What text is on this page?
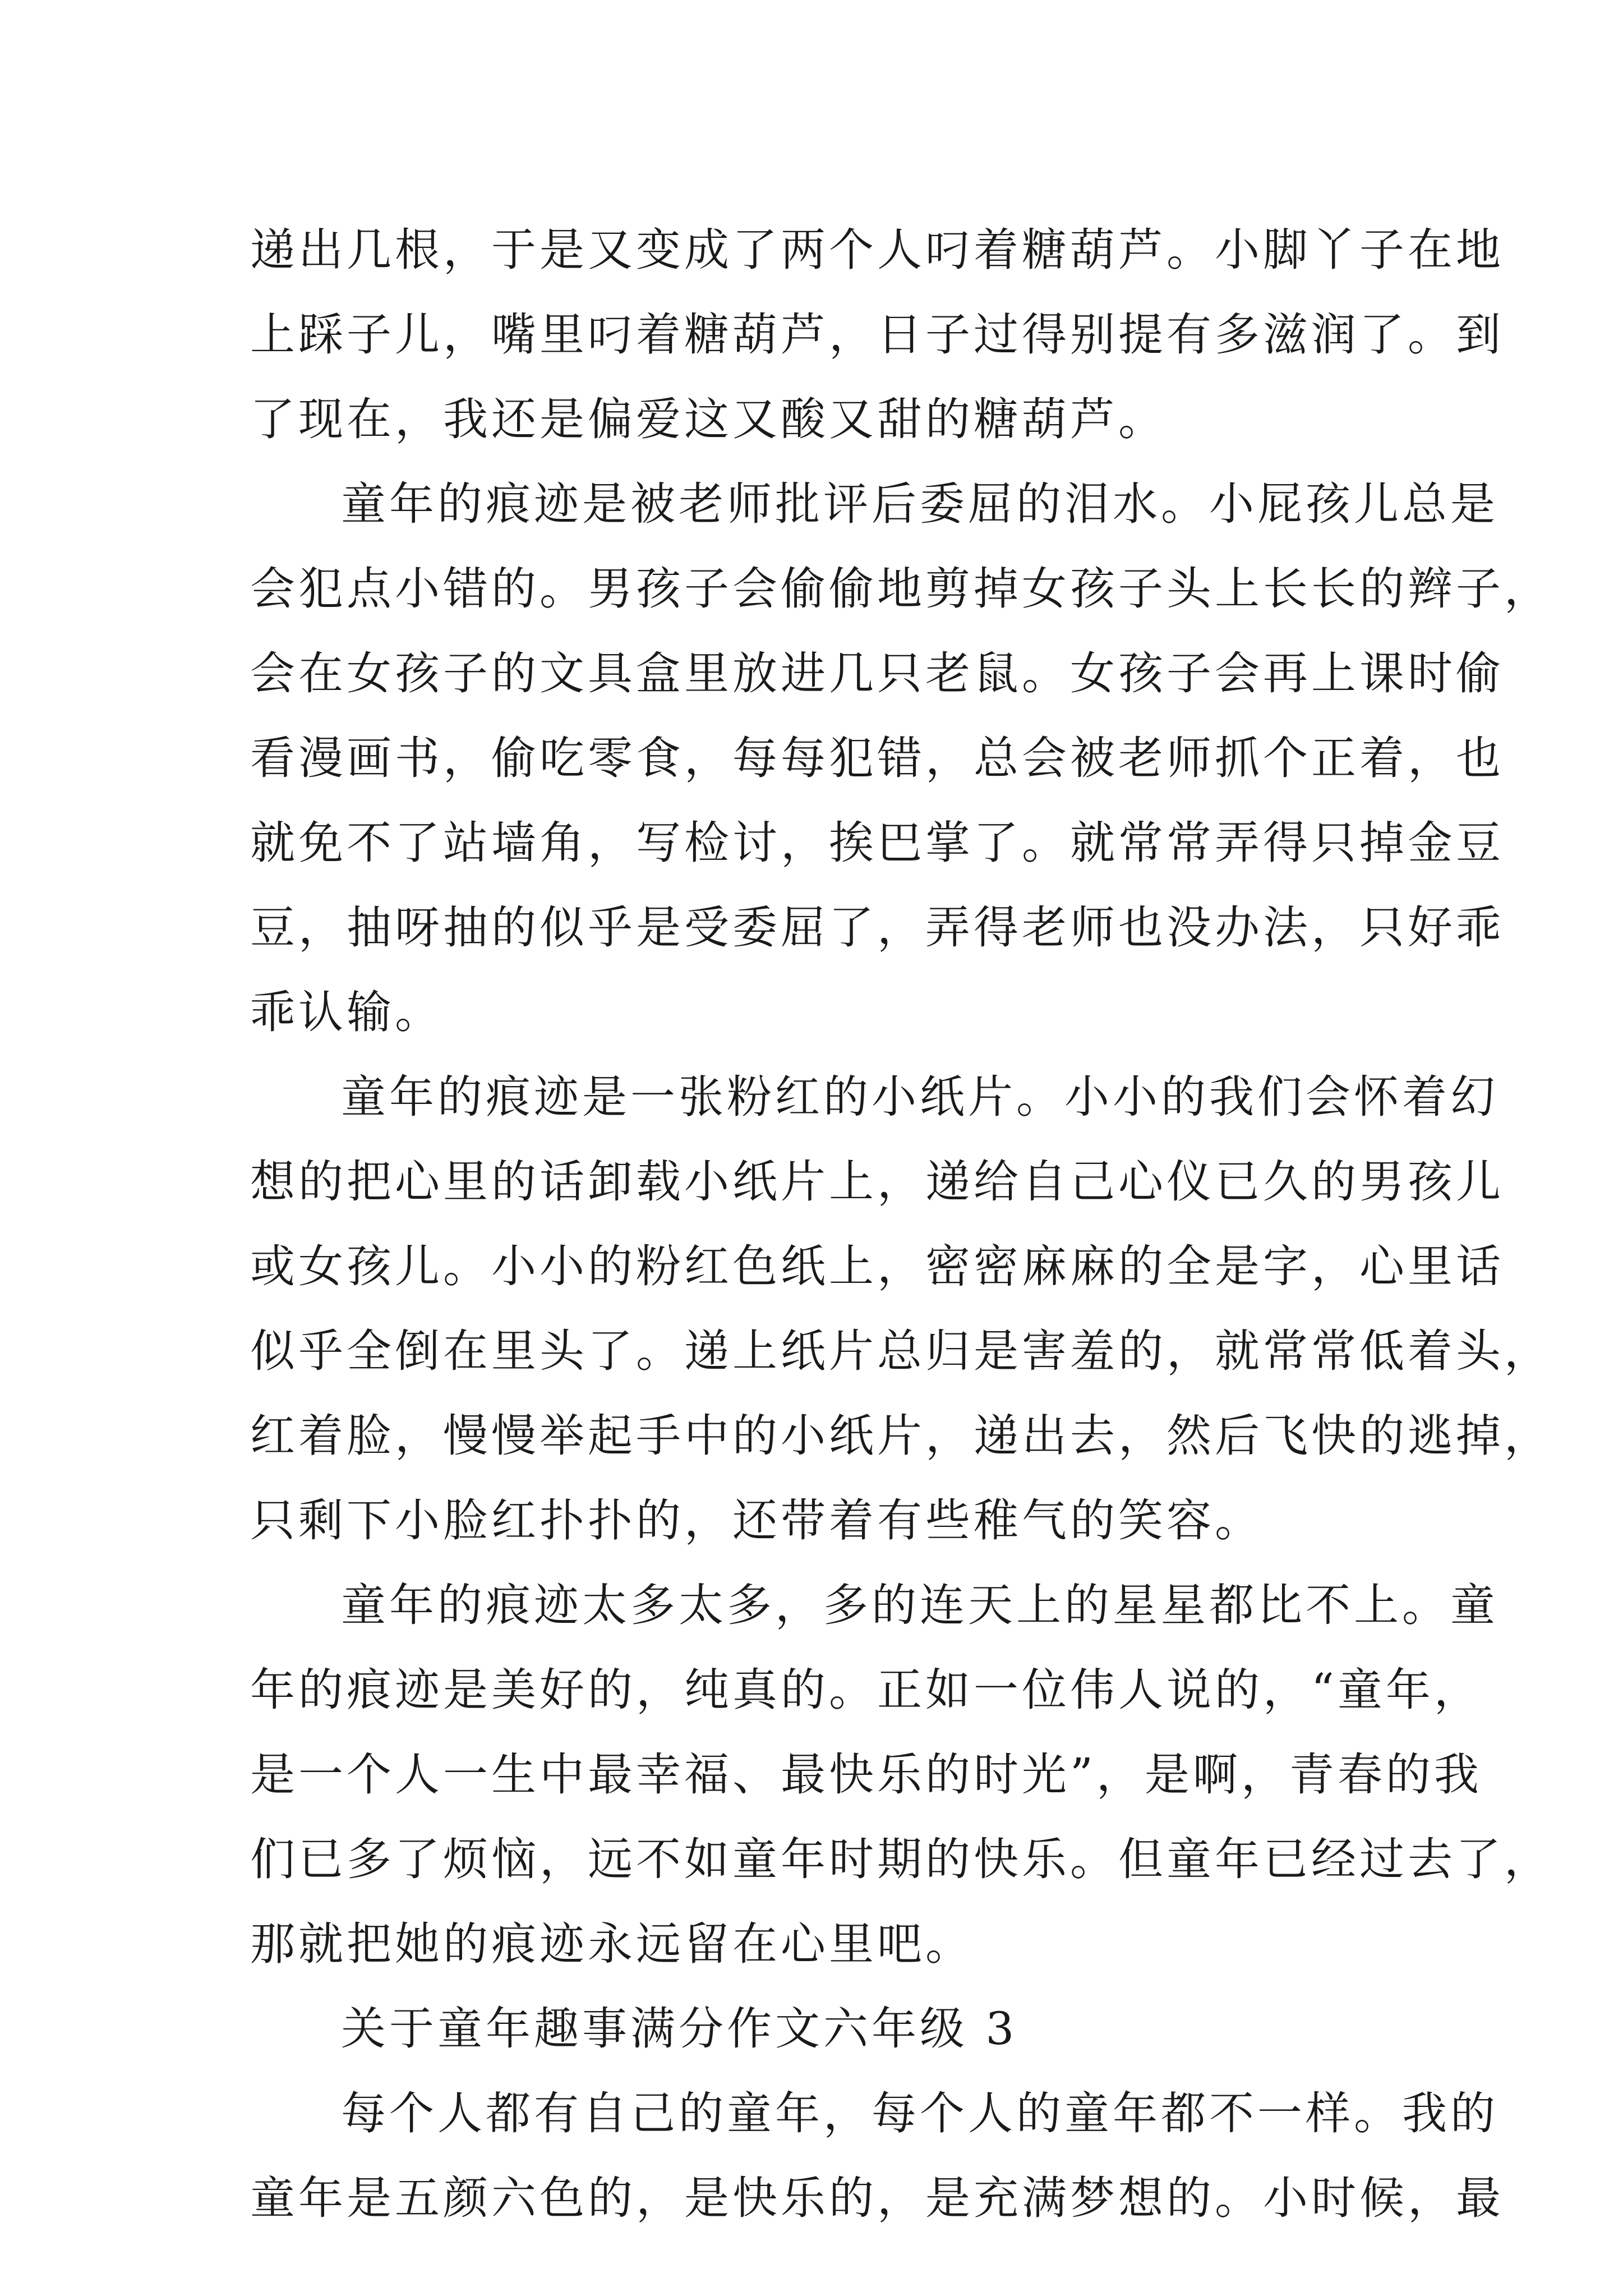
递出几根，于是又变成了两个人叼着糖葫芦。小脚丫子在地
上踩子儿，嘴里叼着糖葫芦，日子过得别提有多滋润了。到
了现在，我还是偏爱这又酸又甜的糖葫芦。
童年的痕迹是被老师批评后委屈的泪水。小屁孩儿总是
会犯点小错的。男孩子会偷偷地剪掉女孩子头上长长的辫子，
会在女孩子的文具盒里放进几只老鼠。女孩子会再上课时偷
看漫画书，偷吃零食，每每犯错，总会被老师抓个正着，也
就免不了站墙角，写检讨，挨巴掌了。就常常弄得只掉金豆
豆，抽呀抽的似乎是受委屈了，弄得老师也没办法，只好乖
乖认输。
童年的痕迹是一张粉红的小纸片。小小的我们会怀着幻
想的把心里的话卸载小纸片上，递给自己心仪已久的男孩儿
或女孩儿。小小的粉红色纸上，密密麻麻的全是字，心里话
似乎全倒在里头了。递上纸片总归是害羞的，就常常低着头，
红着脸，慢慢举起手中的小纸片，递出去，然后飞快的逃掉，
只剩下小脸红扑扑的，还带着有些稚气的笑容。
童年的痕迹太多太多，多的连天上的星星都比不上。童
年的痕迹是美好的，纯真的。正如一位伟人说的，“童年，
是一个人一生中最幸福、最快乐的时光”，是啊，青春的我
们已多了烦恼，远不如童年时期的快乐。但童年已经过去了，
那就把她的痕迹永远留在心里吧。
关于童年趣事满分作文六年级 3
每个人都有自己的童年，每个人的童年都不一样。我的
童年是五颜六色的，是快乐的，是充满梦想的。小时候，最
